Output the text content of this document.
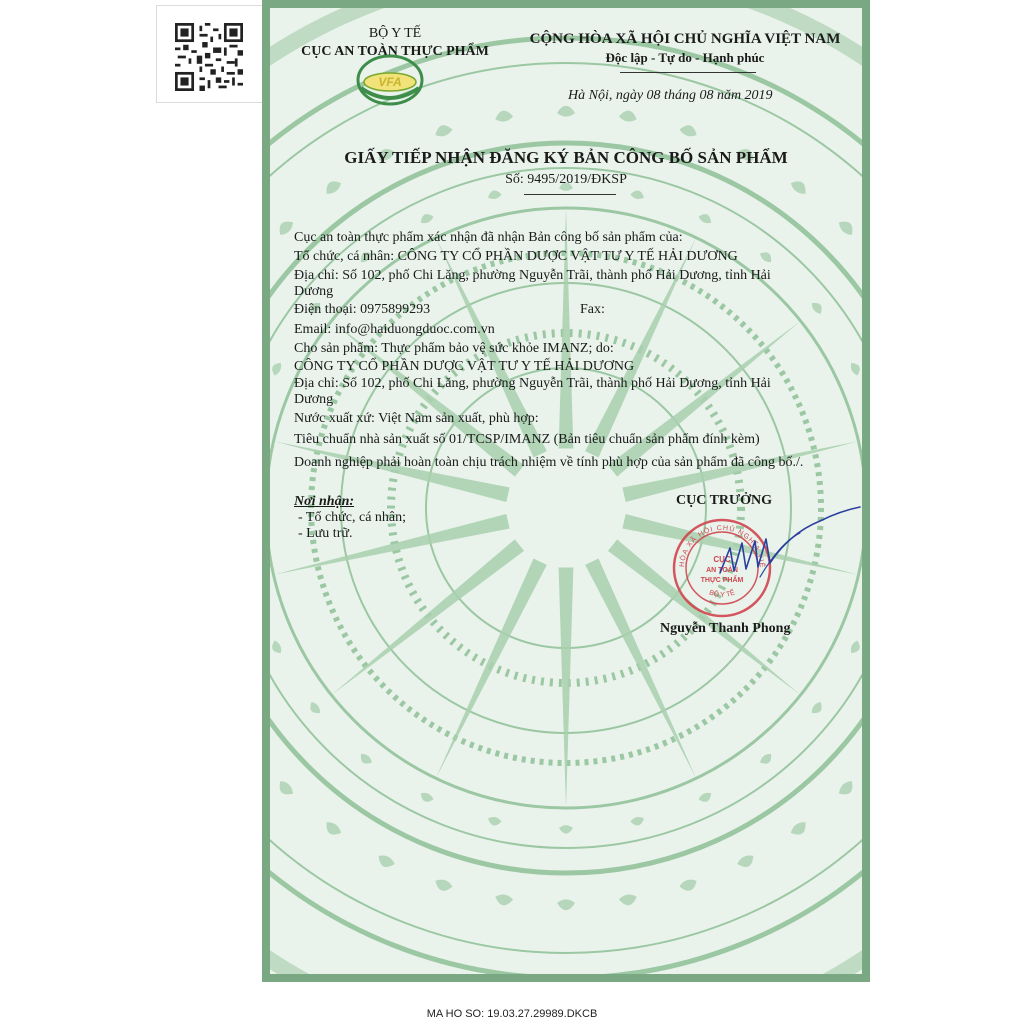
BỘ Y TẾ
CỤC AN TOÀN THỰC PHẨM
VFA
CỘNG HÒA XÃ HỘI CHỦ NGHĨA VIỆT NAM
Độc lập - Tự do - Hạnh phúc
Hà Nội, ngày 08 tháng 08 năm 2019
GIẤY TIẾP NHẬN ĐĂNG KÝ BẢN CÔNG BỐ SẢN PHẨM
Số: 9495/2019/ĐKSP
Cục an toàn thực phẩm xác nhận đã nhận Bản công bố sản phẩm của:
Tổ chức, cá nhân: CÔNG TY CỔ PHẦN DƯỢC VẬT TƯ Y TẾ HẢI DƯƠNG
Địa chỉ: Số 102, phố Chi Lăng, phường Nguyễn Trãi, thành phố Hải Dương, tỉnh Hải
Dương
Điện thoại: 0975899293	Fax:
Email: info@haiduongduoc.com.vn
Cho sản phẩm: Thực phẩm bảo vệ sức khỏe IMANZ; do:
CÔNG TY CỔ PHẦN DƯỢC VẬT TƯ Y TẾ HẢI DƯƠNG
Địa chỉ: Số 102, phố Chi Lăng, phường Nguyễn Trãi, thành phố Hải Dương, tỉnh Hải
Dương
Nước xuất xứ: Việt Nam sản xuất, phù hợp:
Tiêu chuẩn nhà sản xuất số 01/TCSP/IMANZ (Bản tiêu chuẩn sản phẩm đính kèm)
Doanh nghiệp phải hoàn toàn chịu trách nhiệm về tính phù hợp của sản phẩm đã công bố./.
Nơi nhận:
- Tổ chức, cá nhân;
- Lưu trữ.
CỤC TRƯỞNG
HÒA XÃ HỘI CHỦ NGHĨA VIỆ
BỘ Y TẾ
CỤC
AN TOÀN
THỰC PHẨM
Nguyễn Thanh Phong
MA HO SO: 19.03.27.29989.DKCB
